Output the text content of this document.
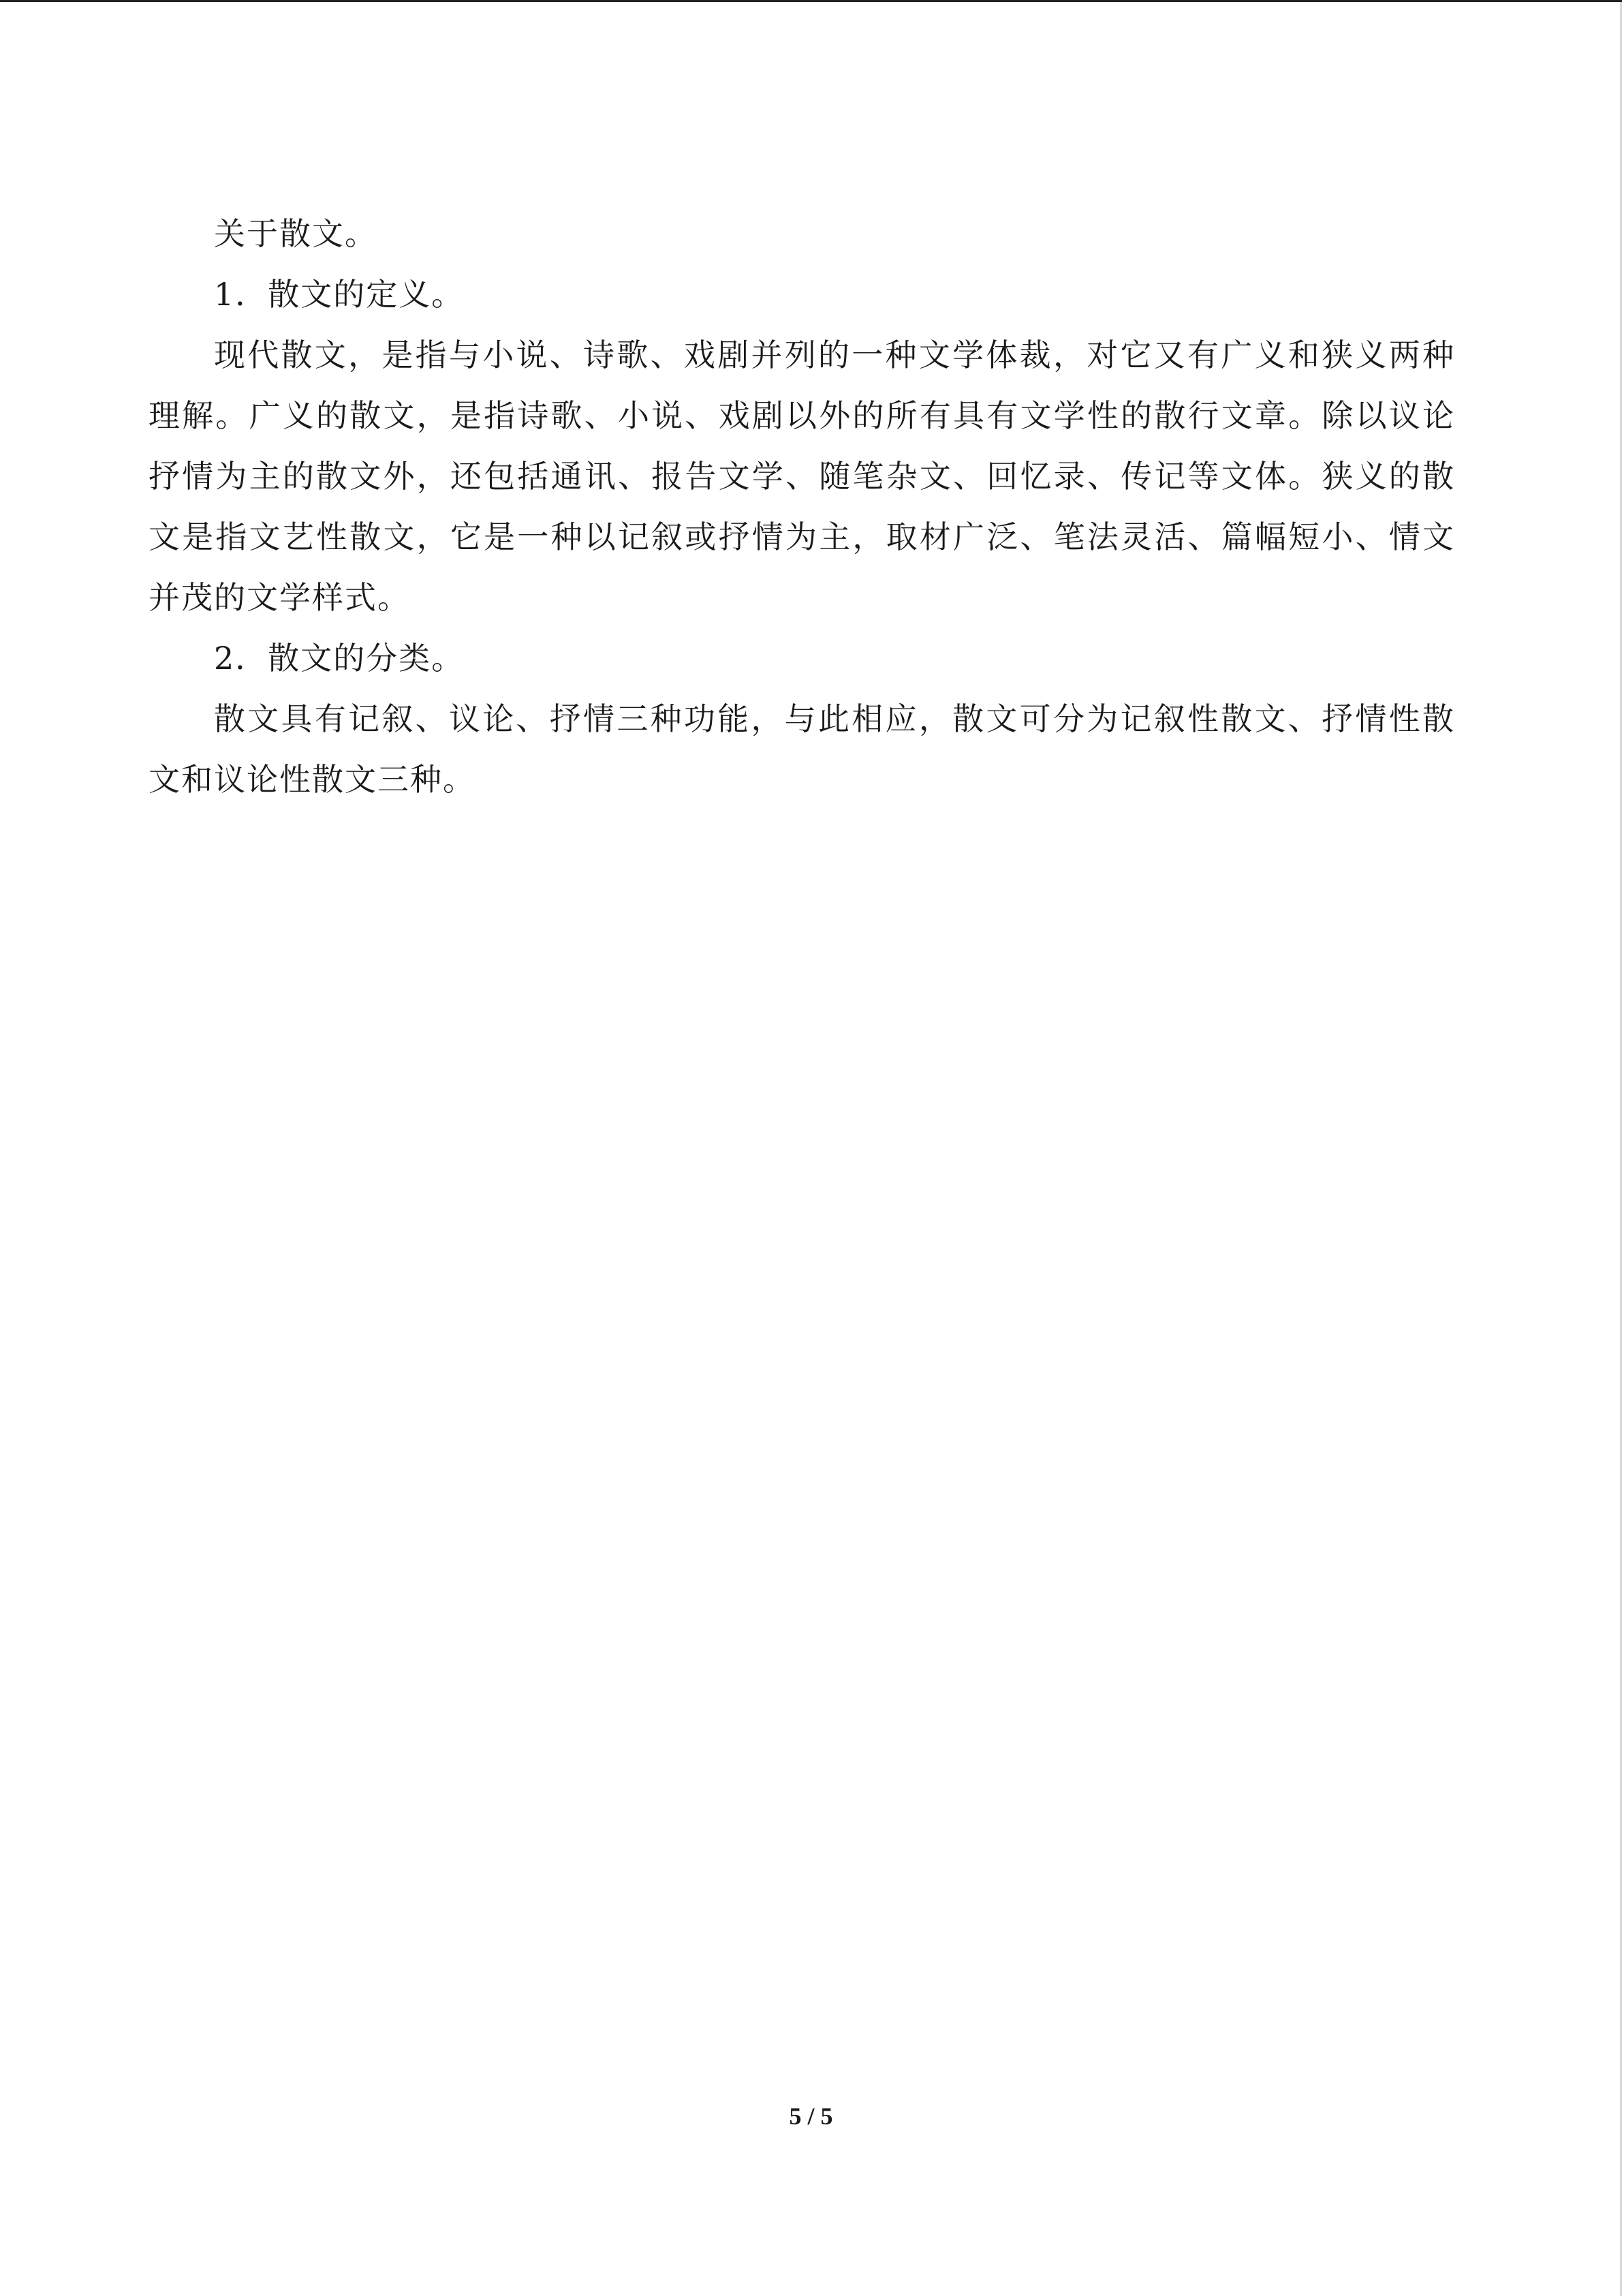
关于散文。

1．散文的定义。

现代散文，是指与小说、诗歌、戏剧并列的一种文学体裁，对它又有广义和狭义两种理解。广义的散文，是指诗歌、小说、戏剧以外的所有具有文学性的散行文章。除以议论抒情为主的散文外，还包括通讯、报告文学、随笔杂文、回忆录、传记等文体。狭义的散文是指文艺性散文，它是一种以记叙或抒情为主，取材广泛、笔法灵活、篇幅短小、情文并茂的文学样式。

2．散文的分类。

散文具有记叙、议论、抒情三种功能，与此相应，散文可分为记叙性散文、抒情性散文和议论性散文三种。

5 / 5
